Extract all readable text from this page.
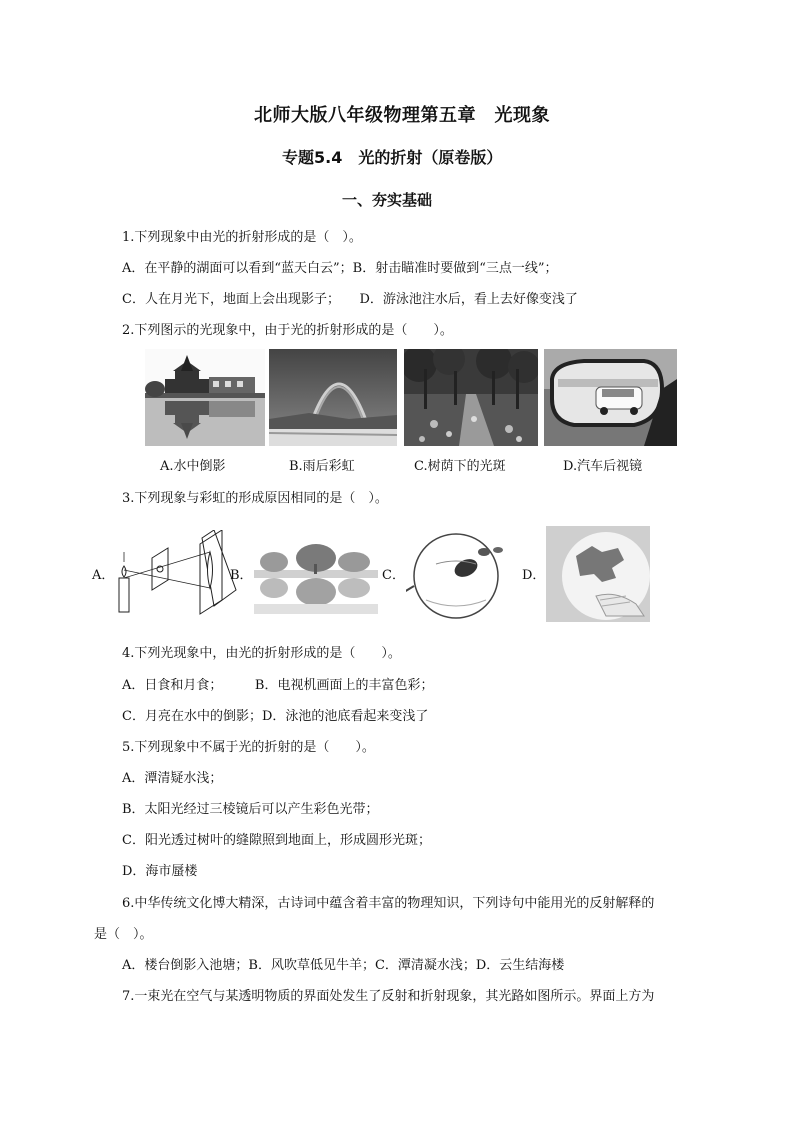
北师大版八年级物理第五章　光现象
专题5.4　光的折射（原卷版）
一、夯实基础
1.下列现象中由光的折射形成的是（　）。
A．在平静的湖面可以看到“蓝天白云”；B．射击瞄准时要做到“三点一线”；
C．人在月光下，地面上会出现影子；　　D．游泳池注水后，看上去好像变浅了
2.下列图示的光现象中，由于光的折射形成的是（　　）。
A.水中倒影	B.雨后彩虹	C.树荫下的光斑	D.汽车后视镜
3.下列现象与彩虹的形成原因相同的是（　）。
A．	B．	C．	D．
4.下列光现象中，由光的折射形成的是（　　）。
A．日食和月食；　　　B．电视机画面上的丰富色彩；
C．月亮在水中的倒影；D．泳池的池底看起来变浅了
5.下列现象中不属于光的折射的是（　　）。
A．潭清疑水浅；
B．太阳光经过三棱镜后可以产生彩色光带；
C．阳光透过树叶的缝隙照到地面上，形成圆形光斑；
D．海市蜃楼
6.中华传统文化博大精深，古诗词中蕴含着丰富的物理知识，下列诗句中能用光的反射解释的
是（　）。
A．楼台倒影入池塘；B．风吹草低见牛羊；C．潭清凝水浅；D．云生结海楼
7.一束光在空气与某透明物质的界面处发生了反射和折射现象，其光路如图所示。界面上方为
